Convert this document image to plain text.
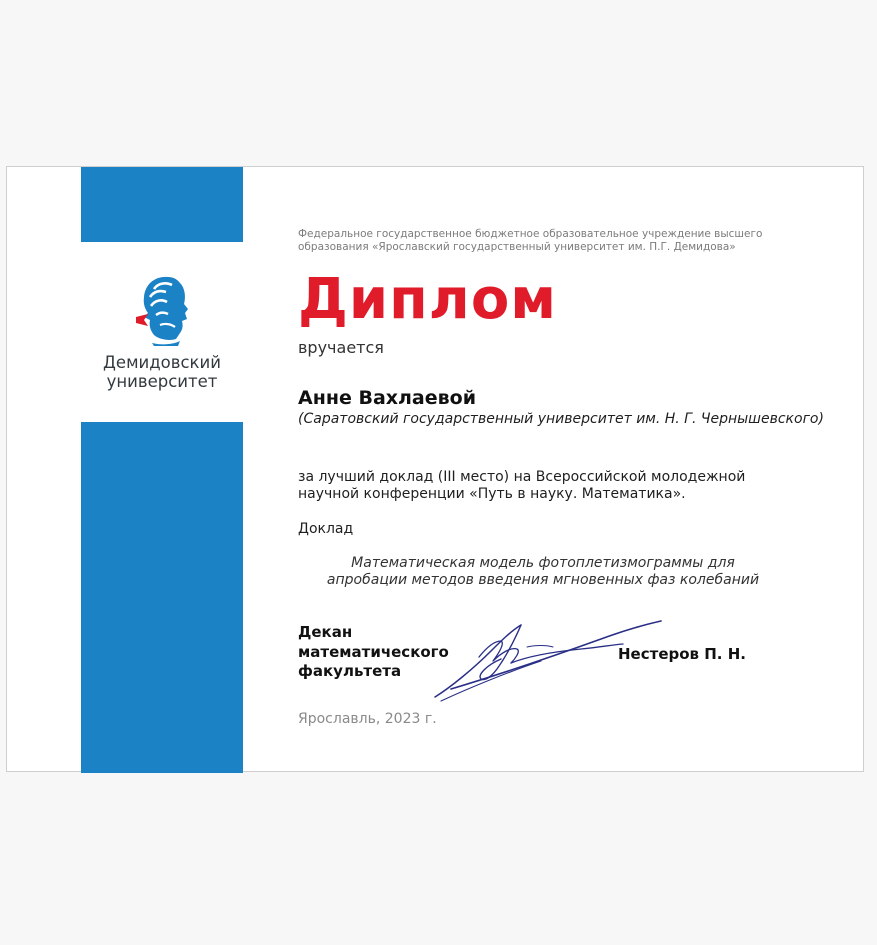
Демидовский
университет
Федеральное государственное бюджетное образовательное учреждение высшего
образования «Ярославский государственный университет им. П.Г. Демидова»
Диплом
вручается
Анне Вахлаевой
(Саратовский государственный университет им. Н. Г. Чернышевского)
за лучший доклад (III место) на Всероссийской молодежной
научной конференции «Путь в науку. Математика».
Доклад
Математическая модель фотоплетизмограммы для
апробации методов введения мгновенных фаз колебаний
Декан
математического
факультета
Нестеров П. Н.
Ярославль, 2023 г.
